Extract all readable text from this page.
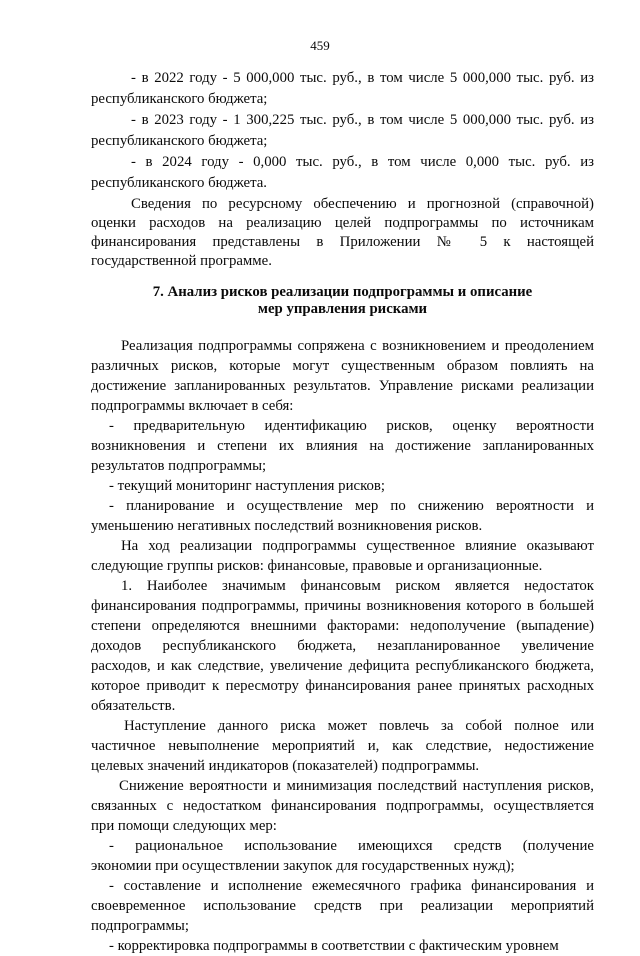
459
- в 2022 году - 5 000,000 тыс. руб., в том числе 5 000,000 тыс. руб. из
республиканского бюджета;
- в 2023 году - 1 300,225 тыс. руб., в том числе 5 000,000 тыс. руб. из
республиканского бюджета;
- в 2024 году - 0,000 тыс. руб., в том числе 0,000 тыс. руб. из
республиканского бюджета.
Сведения по ресурсному обеспечению и прогнозной (справочной)
оценки расходов на реализацию целей подпрограммы по источникам
финансирования представлены в Приложении № 5 к настоящей
государственной программе.
7. Анализ рисков реализации подпрограммы и описание
мер управления рисками
Реализация подпрограммы сопряжена с возникновением и преодолением
различных рисков, которые могут существенным образом повлиять на
достижение запланированных результатов. Управление рисками реализации
подпрограммы включает в себя:
- предварительную идентификацию рисков, оценку вероятности
возникновения и степени их влияния на достижение запланированных
результатов подпрограммы;
- текущий мониторинг наступления рисков;
- планирование и осуществление мер по снижению вероятности и
уменьшению негативных последствий возникновения рисков.
На ход реализации подпрограммы существенное влияние оказывают
следующие группы рисков: финансовые, правовые и организационные.
1. Наиболее значимым финансовым риском является недостаток
финансирования подпрограммы, причины возникновения которого в большей
степени определяются внешними факторами: недополучение (выпадение)
доходов республиканского бюджета, незапланированное увеличение
расходов, и как следствие, увеличение дефицита республиканского бюджета,
которое приводит к пересмотру финансирования ранее принятых расходных
обязательств.
Наступление данного риска может повлечь за собой полное или
частичное невыполнение мероприятий и, как следствие, недостижение
целевых значений индикаторов (показателей) подпрограммы.
Снижение вероятности и минимизация последствий наступления рисков,
связанных с недостатком финансирования подпрограммы, осуществляется
при помощи следующих мер:
- рациональное использование имеющихся средств (получение
экономии при осуществлении закупок для государственных нужд);
- составление и исполнение ежемесячного графика финансирования и
своевременное использование средств при реализации мероприятий
подпрограммы;
- корректировка подпрограммы в соответствии с фактическим уровнем
